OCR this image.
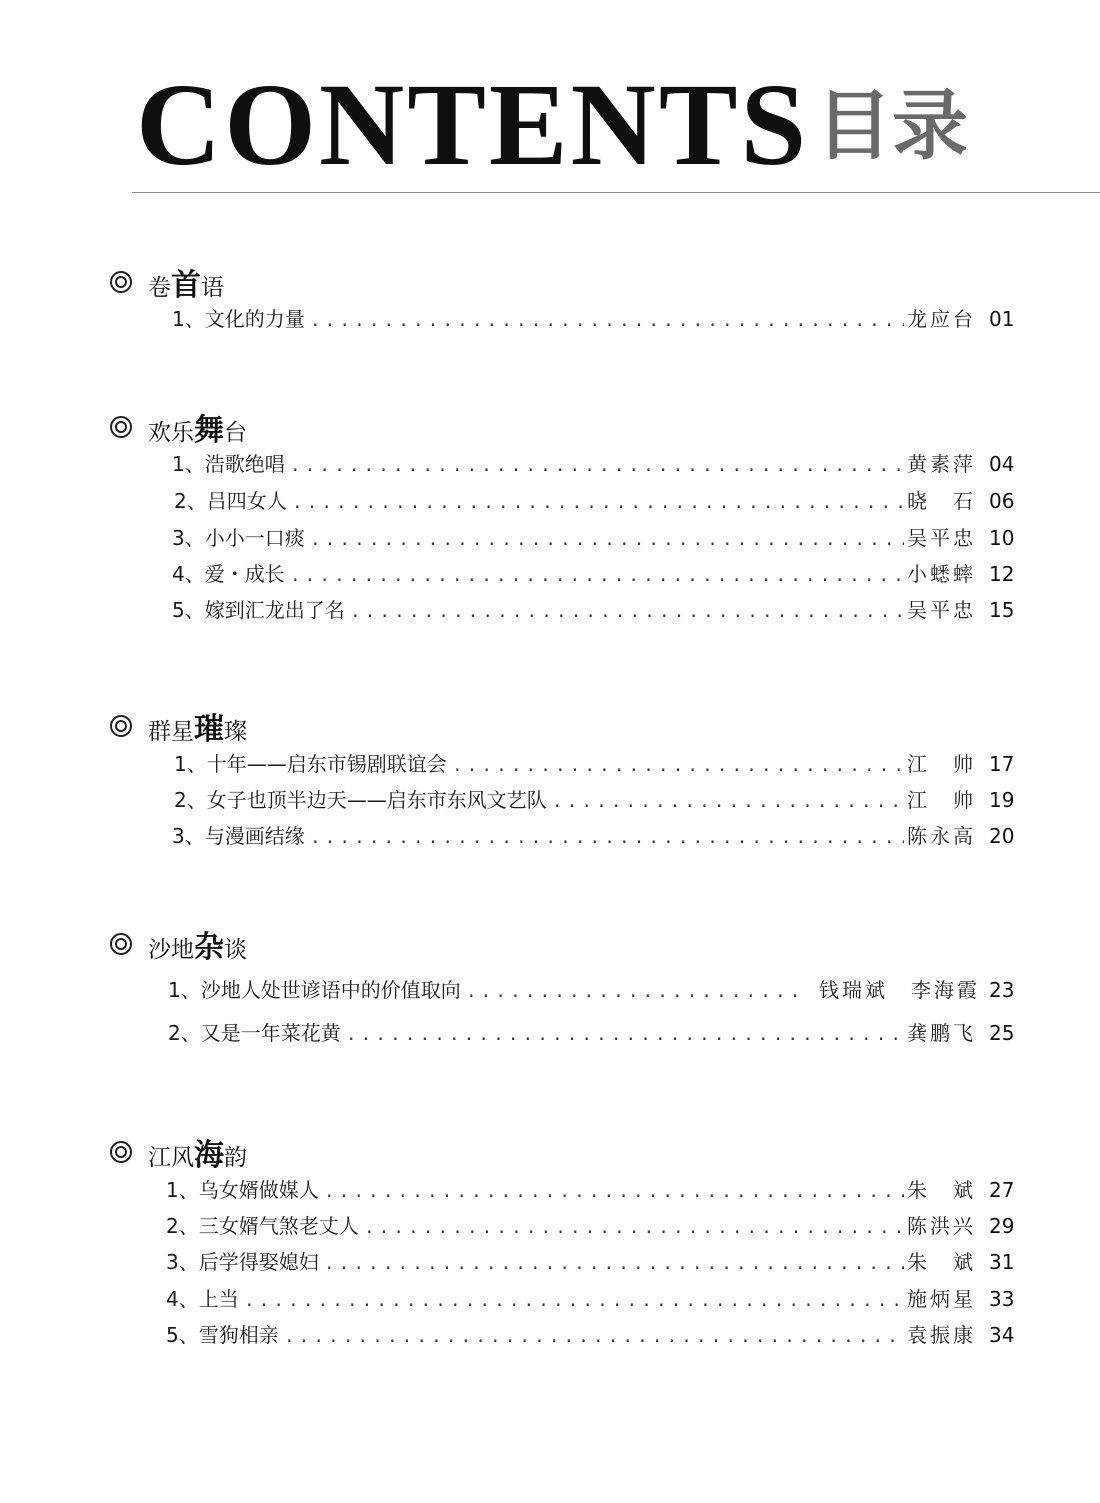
CONTENTS 目录
卷首语
1、文化的力量 . . .	龙应台 01
欢乐舞台
1、浩歌绝唱 . . .	黄素萍 04
2、吕四女人 . . .	晓　石 06
3、小小一口痰 . . .	吴平忠 10
4、爱・成长 . . .	小蟋蟀 12
5、嫁到汇龙出了名 . . .	吴平忠 15
群星璀璨
1、十年——启东市锡剧联谊会 . . .	江　帅 17
2、女子也顶半边天——启东市东风文艺队 . . .	江　帅 19
3、与漫画结缘 . . .	陈永高 20
沙地杂谈
1、沙地人处世谚语中的价值取向 . . .	钱瑞斌　李海霞 23
2、又是一年菜花黄 . . .	龚鹏飞 25
江风海韵
1、乌女婿做媒人 . . .	朱　斌 27
2、三女婿气煞老丈人 . . .	陈洪兴 29
3、后学得娶媳妇 . . .	朱　斌 31
4、上当 . . .	施炳星 33
5、雪狗相亲 . . .	袁振康 34
